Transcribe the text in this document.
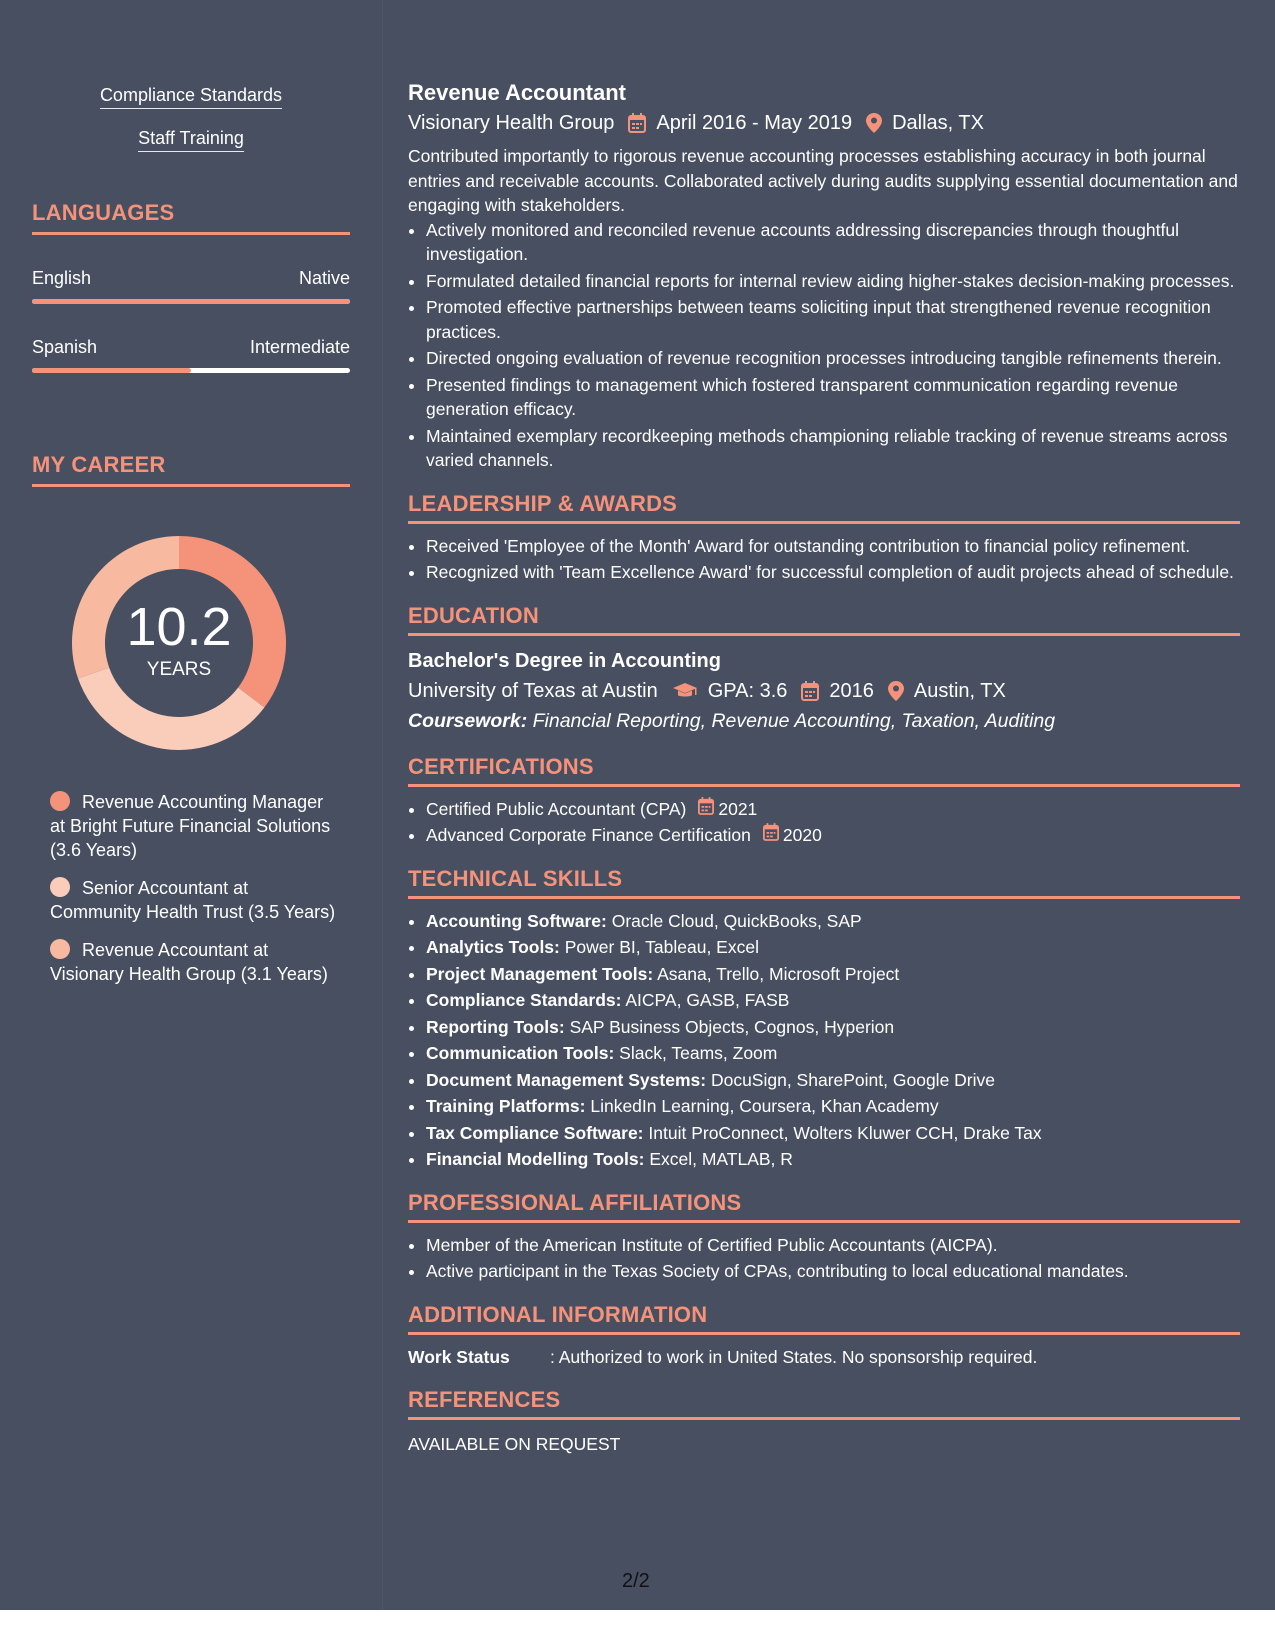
Compliance Standards
Staff Training
LANGUAGES
English	Native
Spanish	Intermediate
MY CAREER
10.2
YEARS
Revenue Accounting Manager at Bright Future Financial Solutions (3.6 Years)
Senior Accountant at Community Health Trust (3.5 Years)
Revenue Accountant at Visionary Health Group (3.1 Years)
Revenue Accountant
Visionary Health Group April 2016 - May 2019 Dallas, TX
Contributed importantly to rigorous revenue accounting processes establishing accuracy in both journal entries and receivable accounts. Collaborated actively during audits supplying essential documentation and engaging with stakeholders.
• Actively monitored and reconciled revenue accounts addressing discrepancies through thoughtful investigation.
• Formulated detailed financial reports for internal review aiding higher-stakes decision-making processes.
• Promoted effective partnerships between teams soliciting input that strengthened revenue recognition practices.
• Directed ongoing evaluation of revenue recognition processes introducing tangible refinements therein.
• Presented findings to management which fostered transparent communication regarding revenue generation efficacy.
• Maintained exemplary recordkeeping methods championing reliable tracking of revenue streams across varied channels.
LEADERSHIP & AWARDS
• Received 'Employee of the Month' Award for outstanding contribution to financial policy refinement.
• Recognized with 'Team Excellence Award' for successful completion of audit projects ahead of schedule.
EDUCATION
Bachelor's Degree in Accounting
University of Texas at Austin	GPA: 3.6 2016 Austin, TX
Coursework: Financial Reporting, Revenue Accounting, Taxation, Auditing
CERTIFICATIONS
• Certified Public Accountant (CPA) 2021
• Advanced Corporate Finance Certification 2020
TECHNICAL SKILLS
• Accounting Software: Oracle Cloud, QuickBooks, SAP
• Analytics Tools: Power BI, Tableau, Excel
• Project Management Tools: Asana, Trello, Microsoft Project
• Compliance Standards: AICPA, GASB, FASB
• Reporting Tools: SAP Business Objects, Cognos, Hyperion
• Communication Tools: Slack, Teams, Zoom
• Document Management Systems: DocuSign, SharePoint, Google Drive
• Training Platforms: LinkedIn Learning, Coursera, Khan Academy
• Tax Compliance Software: Intuit ProConnect, Wolters Kluwer CCH, Drake Tax
• Financial Modelling Tools: Excel, MATLAB, R
PROFESSIONAL AFFILIATIONS
• Member of the American Institute of Certified Public Accountants (AICPA).
• Active participant in the Texas Society of CPAs, contributing to local educational mandates.
ADDITIONAL INFORMATION
Work Status	: Authorized to work in United States. No sponsorship required.
REFERENCES
AVAILABLE ON REQUEST
2/2
